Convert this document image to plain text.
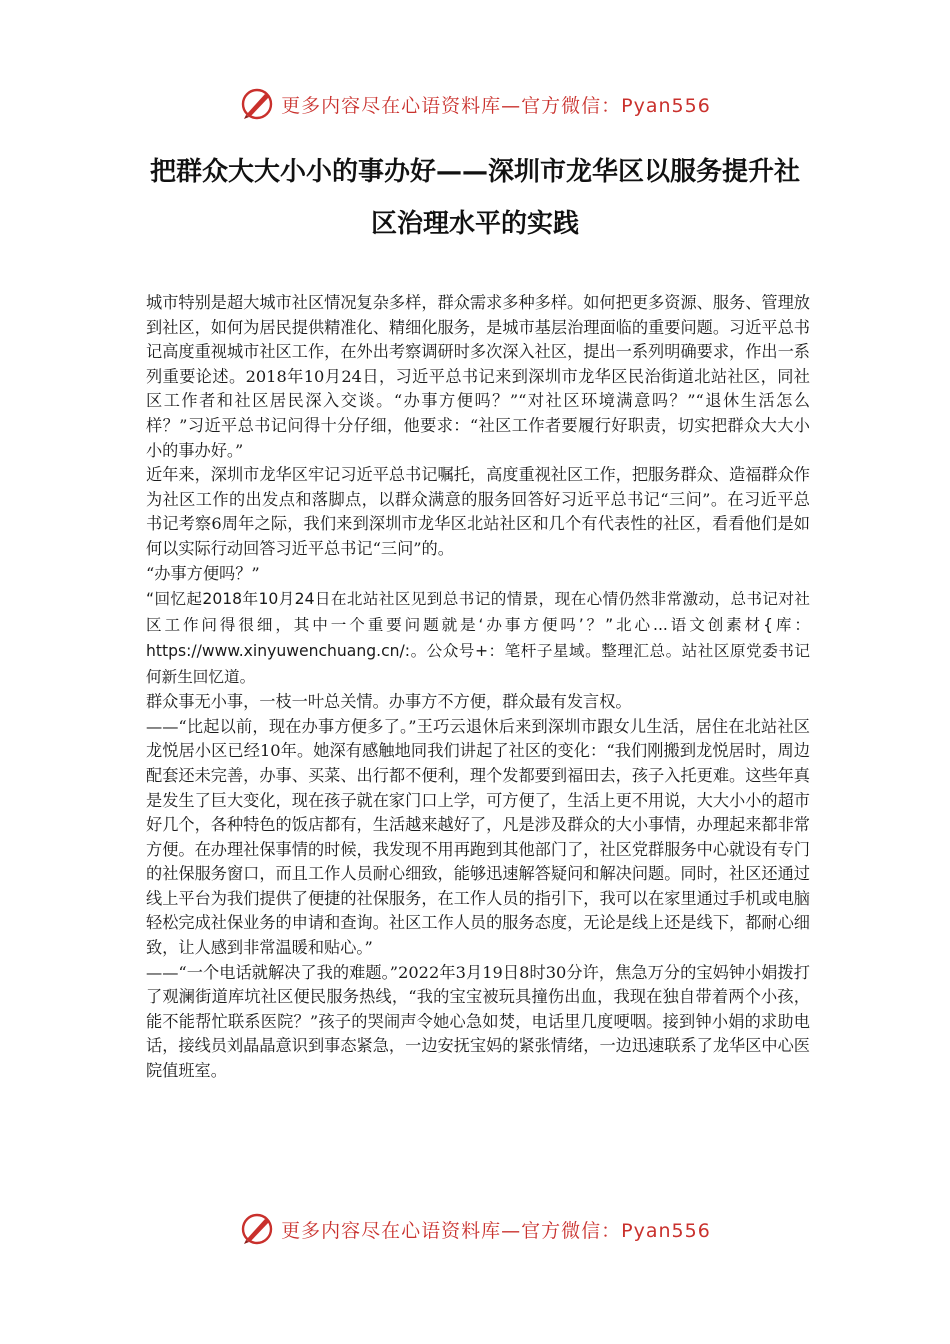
更多内容尽在心语资料库—官方微信：Pyan556
把群众大大小小的事办好——深圳市龙华区以服务提升社区治理水平的实践

城市特别是超大城市社区情况复杂多样，群众需求多种多样。如何把更多资源、服务、管理放到社区，如何为居民提供精准化、精细化服务，是城市基层治理面临的重要问题。习近平总书记高度重视城市社区工作，在外出考察调研时多次深入社区，提出一系列明确要求，作出一系列重要论述。2018年10月24日，习近平总书记来到深圳市龙华区民治街道北站社区，同社区工作者和社区居民深入交谈。“办事方便吗？”“对社区环境满意吗？”“退休生活怎么样？”习近平总书记问得十分仔细，他要求：“社区工作者要履行好职责，切实把群众大大小小的事办好。”

近年来，深圳市龙华区牢记习近平总书记嘱托，高度重视社区工作，把服务群众、造福群众作为社区工作的出发点和落脚点，以群众满意的服务回答好习近平总书记“三问”。在习近平总书记考察6周年之际，我们来到深圳市龙华区北站社区和几个有代表性的社区，看看他们是如何以实际行动回答习近平总书记“三问”的。

“办事方便吗？”

“回忆起2018年10月24日在北站社区见到总书记的情景，现在心情仍然非常激动，总书记对社区工作问得很细，其中一个重要问题就是‘办事方便吗’？”北心...语文创素材{库：https://www.xinyuwenchuang.cn/:。公众号+：笔杆子星域。整理汇总。站社区原党委书记何新生回忆道。

群众事无小事，一枝一叶总关情。办事方不方便，群众最有发言权。

——“比起以前，现在办事方便多了。”王巧云退休后来到深圳市跟女儿生活，居住在北站社区龙悦居小区已经10年。她深有感触地同我们讲起了社区的变化：“我们刚搬到龙悦居时，周边配套还未完善，办事、买菜、出行都不便利，理个发都要到福田去，孩子入托更难。这些年真是发生了巨大变化，现在孩子就在家门口上学，可方便了，生活上更不用说，大大小小的超市好几个，各种特色的饭店都有，生活越来越好了，凡是涉及群众的大小事情，办理起来都非常方便。在办理社保事情的时候，我发现不用再跑到其他部门了，社区党群服务中心就设有专门的社保服务窗口，而且工作人员耐心细致，能够迅速解答疑问和解决问题。同时，社区还通过线上平台为我们提供了便捷的社保服务，在工作人员的指引下，我可以在家里通过手机或电脑轻松完成社保业务的申请和查询。社区工作人员的服务态度，无论是线上还是线下，都耐心细致，让人感到非常温暖和贴心。”

——“一个电话就解决了我的难题。”2022年3月19日8时30分许，焦急万分的宝妈钟小娟拨打了观澜街道库坑社区便民服务热线，“我的宝宝被玩具撞伤出血，我现在独自带着两个小孩，能不能帮忙联系医院？”孩子的哭闹声令她心急如焚，电话里几度哽咽。接到钟小娟的求助电话，接线员刘晶晶意识到事态紧急，一边安抚宝妈的紧张情绪，一边迅速联系了龙华区中心医院值班室。

更多内容尽在心语资料库—官方微信：Pyan556
